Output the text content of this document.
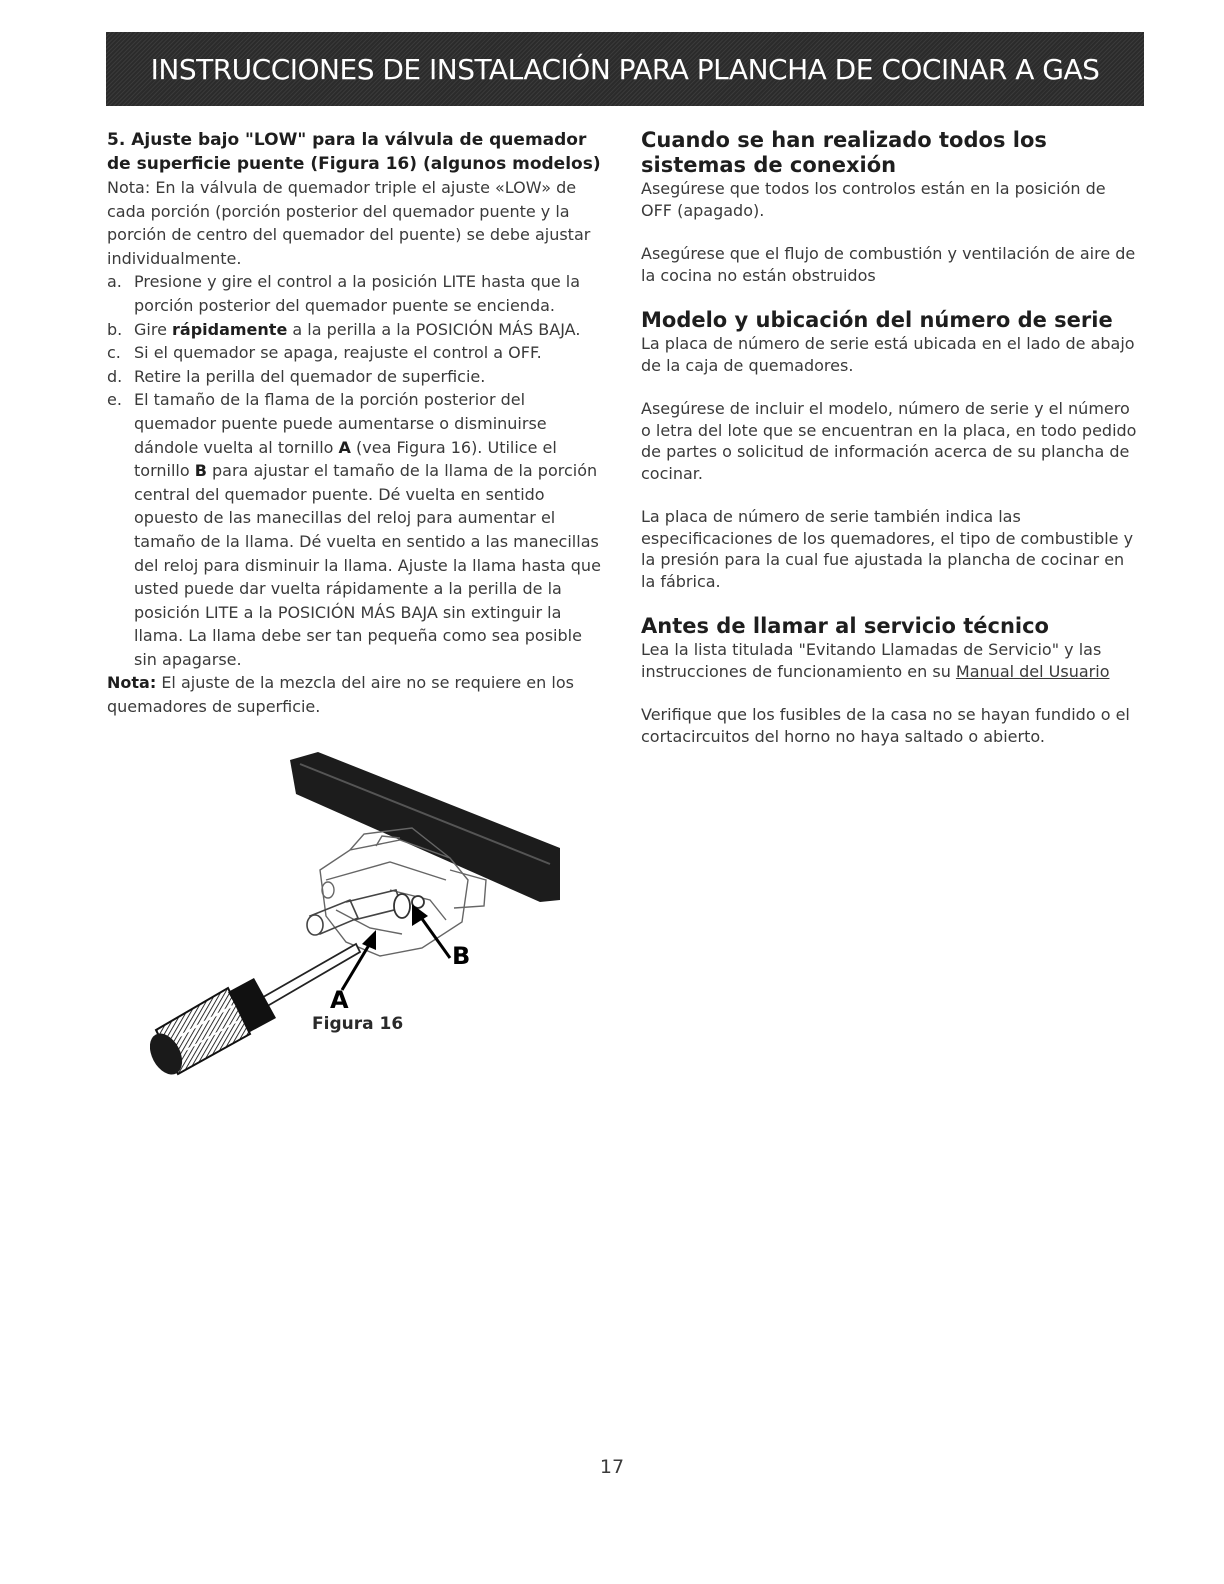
INSTRUCCIONES DE INSTALACIÓN PARA PLANCHA DE COCINAR A GAS

5. Ajuste bajo "LOW" para la válvula de quemador
de superficie puente (Figura 16) (algunos modelos)

Nota: En la válvula de quemador triple el ajuste «LOW» de cada porción (porción posterior del quemador puente y la porción de centro del quemador del puente) se debe ajustar individualmente.

a. Presione y gire el control a la posición LITE hasta que la porción posterior del quemador puente se encienda.
b. Gire rápidamente a la perilla a la POSICIÓN MÁS BAJA.
c. Si el quemador se apaga, reajuste el control a OFF.
d. Retire la perilla del quemador de superficie.
e. El tamaño de la flama de la porción posterior del quemador puente puede aumentarse o disminuirse dándole vuelta al tornillo A (vea Figura 16). Utilice el tornillo B para ajustar el tamaño de la llama de la porción central del quemador puente. Dé vuelta en sentido opuesto de las manecillas del reloj para aumentar el tamaño de la llama. Dé vuelta en sentido a las manecillas del reloj para disminuir la llama. Ajuste la llama hasta que usted puede dar vuelta rápidamente a la perilla de la posición LITE a la POSICIÓN MÁS BAJA sin extinguir la llama. La llama debe ser tan pequeña como sea posible sin apagarse.

Nota: El ajuste de la mezcla del aire no se requiere en los quemadores de superficie.

A
B
Figura 16

Cuando se han realizado todos los sistemas de conexión

Asegúrese que todos los controlos están en la posición de OFF (apagado).

Asegúrese que el flujo de combustión y ventilación de aire de la cocina no están obstruidos

Modelo y ubicación del número de serie

La placa de número de serie está ubicada en el lado de abajo de la caja de quemadores.

Asegúrese de incluir el modelo, número de serie y el número o letra del lote que se encuentran en la placa, en todo pedido de partes o solicitud de información acerca de su plancha de cocinar.

La placa de número de serie también indica las especificaciones de los quemadores, el tipo de combustible y la presión para la cual fue ajustada la plancha de cocinar en la fábrica.

Antes de llamar al servicio técnico

Lea la lista titulada "Evitando Llamadas de Servicio" y las instrucciones de funcionamiento en su Manual del Usuario

Verifique que los fusibles de la casa no se hayan fundido o el cortacircuitos del horno no haya saltado o abierto.

17
